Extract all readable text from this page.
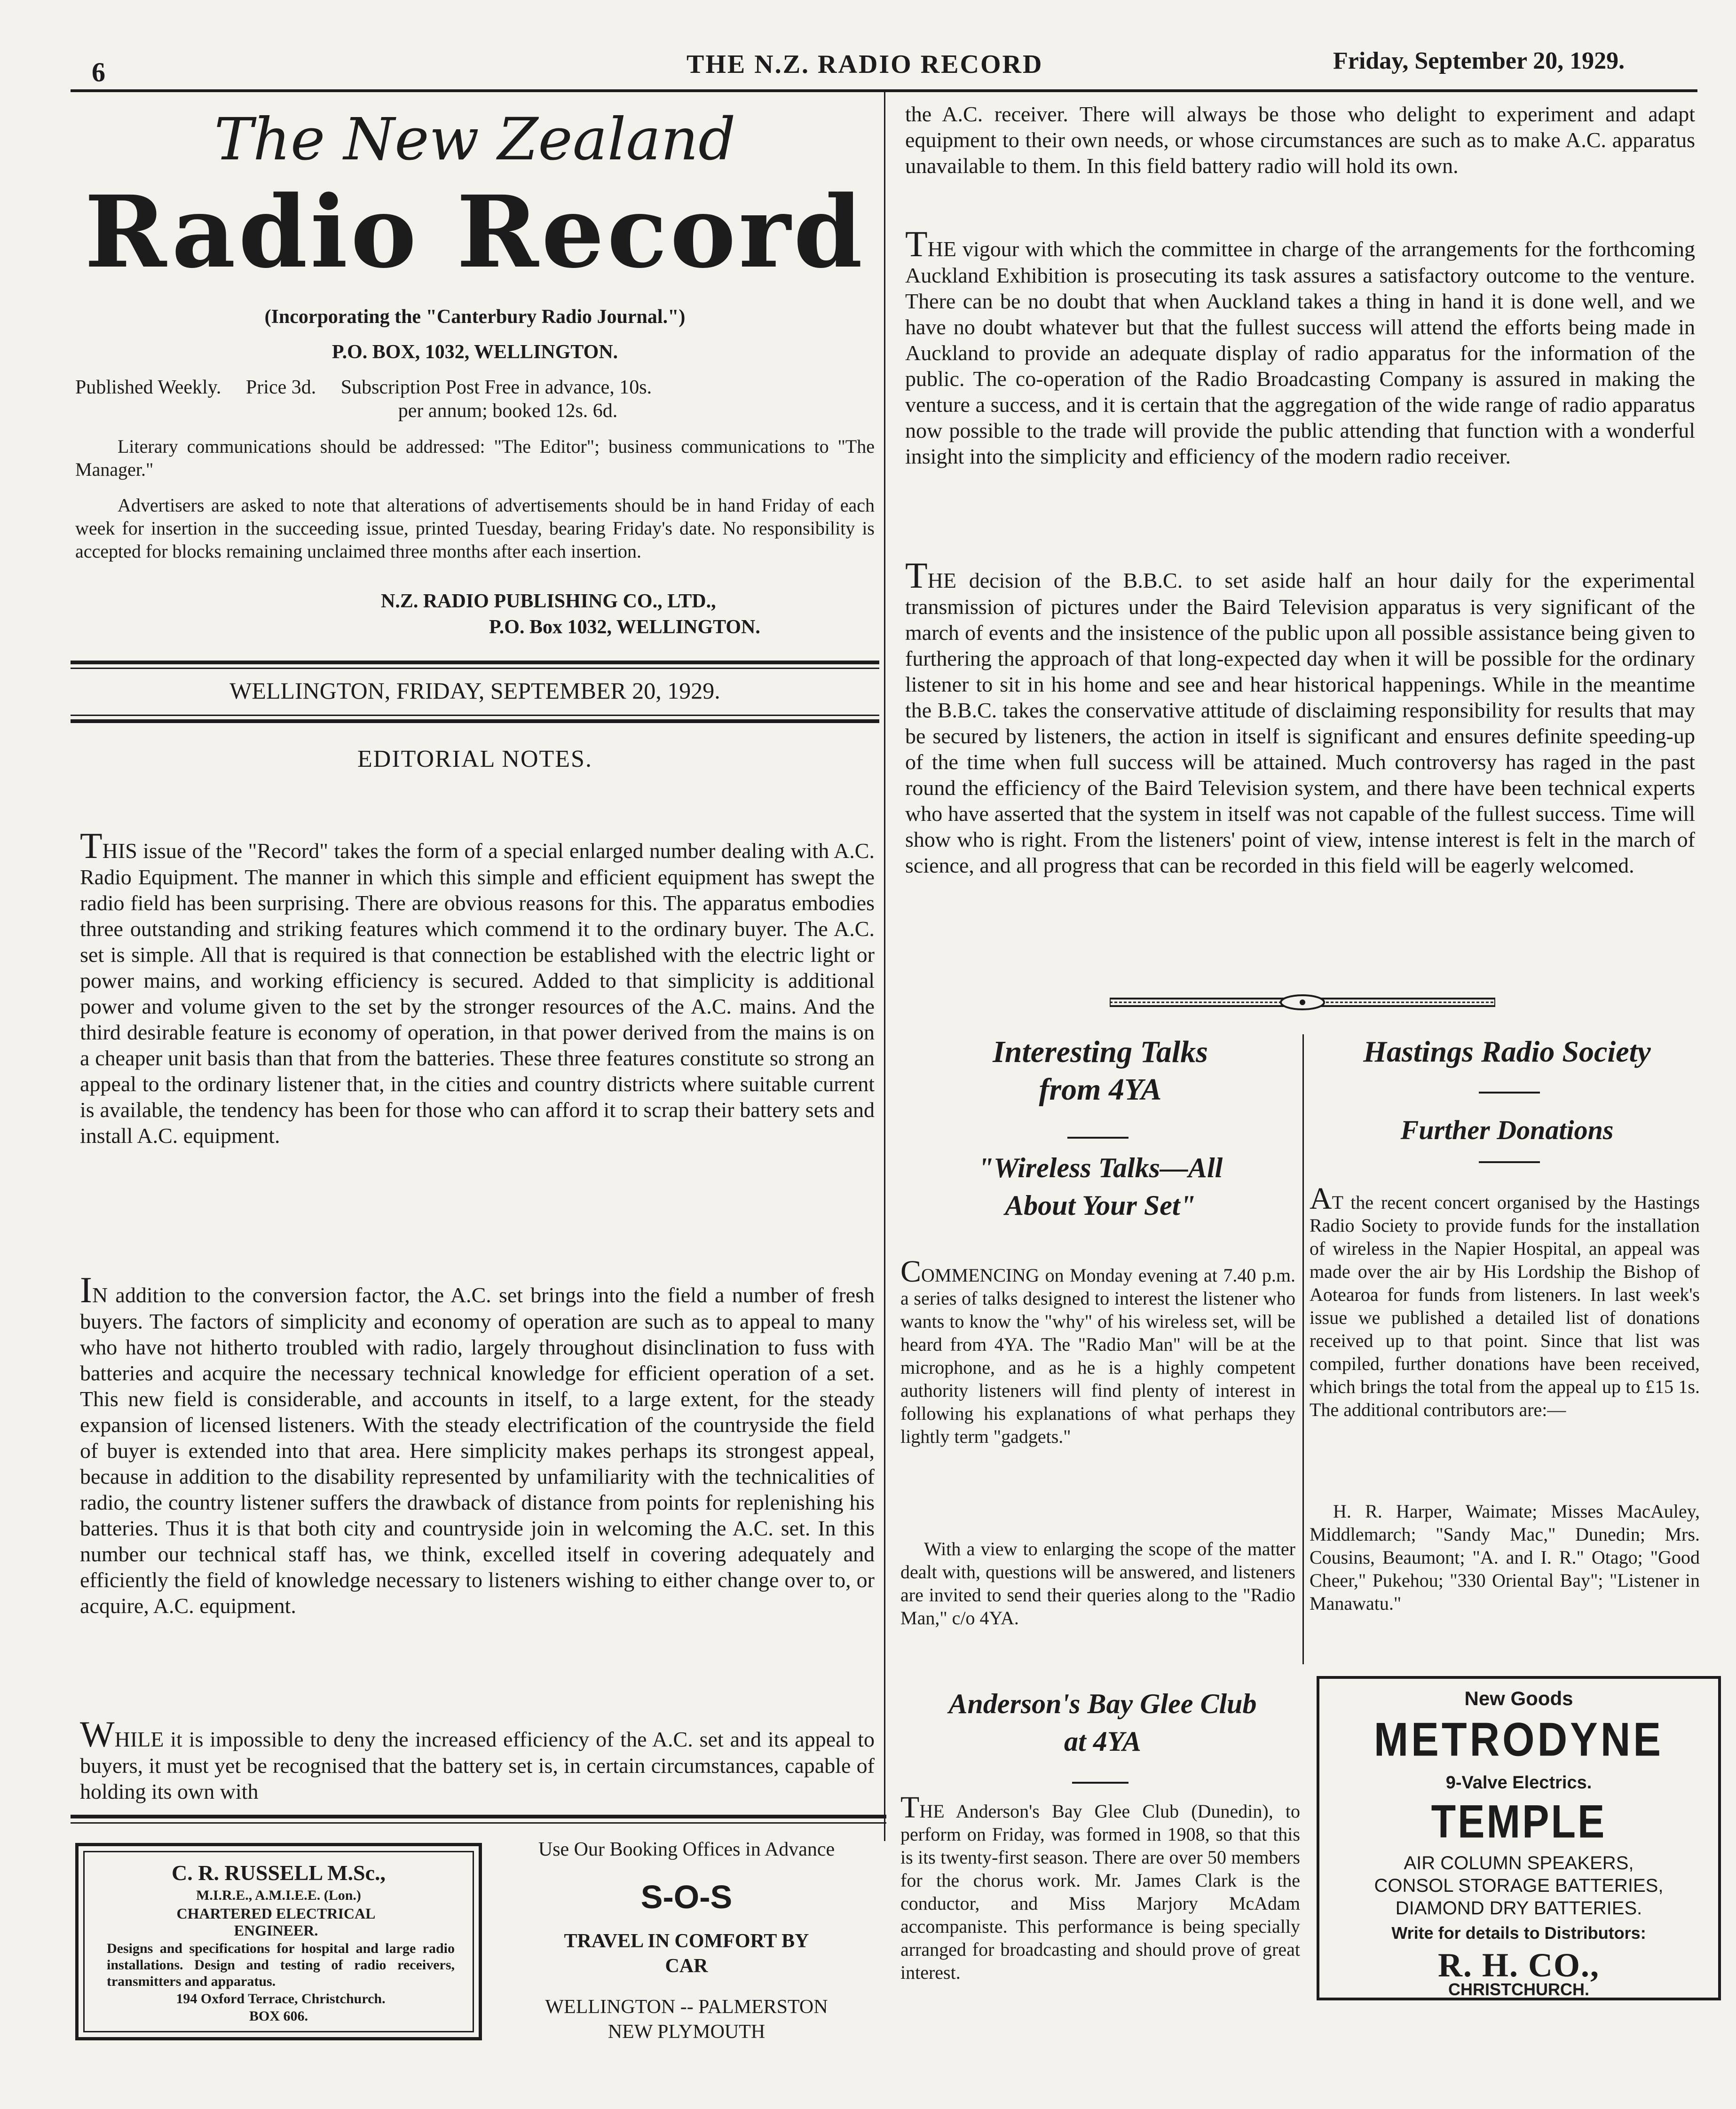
6	THE N.Z. RADIO RECORD	Friday, September 20, 1929.
The New Zealand
Radio Record
(Incorporating the "Canterbury Radio Journal.")
P.O. BOX, 1032, WELLINGTON.
Published Weekly.     Price 3d.     Subscription Post Free in advance, 10s.
per annum; booked 12s. 6d.

Literary communications should be addressed: "The Editor"; business communications to "The Manager."

Advertisers are asked to note that alterations of advertisements should be in hand Friday of each week for insertion in the succeeding issue, printed Tuesday, bearing Friday's date. No responsibility is accepted for blocks remaining unclaimed three months after each insertion.

N.Z. RADIO PUBLISHING CO., LTD.,
P.O. Box 1032, WELLINGTON.
WELLINGTON, FRIDAY, SEPTEMBER 20, 1929.
EDITORIAL NOTES.

THIS issue of the "Record" takes the form of a special enlarged number dealing with A.C. Radio Equipment. The manner in which this simple and efficient equipment has swept the radio field has been surprising. There are obvious reasons for this. The apparatus embodies three outstanding and striking features which commend it to the ordinary buyer. The A.C. set is simple. All that is required is that connection be established with the electric light or power mains, and working efficiency is secured. Added to that simplicity is additional power and volume given to the set by the stronger resources of the A.C. mains. And the third desirable feature is economy of operation, in that power derived from the mains is on a cheaper unit basis than that from the batteries. These three features constitute so strong an appeal to the ordinary listener that, in the cities and country districts where suitable current is available, the tendency has been for those who can afford it to scrap their battery sets and install A.C. equipment.

IN addition to the conversion factor, the A.C. set brings into the field a number of fresh buyers. The factors of simplicity and economy of operation are such as to appeal to many who have not hitherto troubled with radio, largely throughout disinclination to fuss with batteries and acquire the necessary technical knowledge for efficient operation of a set. This new field is considerable, and accounts in itself, to a large extent, for the steady expansion of licensed listeners. With the steady electrification of the countryside the field of buyer is extended into that area. Here simplicity makes perhaps its strongest appeal, because in addition to the disability represented by unfamiliarity with the technicalities of radio, the country listener suffers the drawback of distance from points for replenishing his batteries. Thus it is that both city and countryside join in welcoming the A.C. set. In this number our technical staff has, we think, excelled itself in covering adequately and efficiently the field of knowledge necessary to listeners wishing to either change over to, or acquire, A.C. equipment.

WHILE it is impossible to deny the increased efficiency of the A.C. set and its appeal to buyers, it must yet be recognised that the battery set is, in certain circumstances, capable of holding its own with

the A.C. receiver. There will always be those who delight to experiment and adapt equipment to their own needs, or whose circumstances are such as to make A.C. apparatus unavailable to them. In this field battery radio will hold its own.

THE vigour with which the committee in charge of the arrangements for the forthcoming Auckland Exhibition is prosecuting its task assures a satisfactory outcome to the venture. There can be no doubt that when Auckland takes a thing in hand it is done well, and we have no doubt whatever but that the fullest success will attend the efforts being made in Auckland to provide an adequate display of radio apparatus for the information of the public. The co-operation of the Radio Broadcasting Company is assured in making the venture a success, and it is certain that the aggregation of the wide range of radio apparatus now possible to the trade will provide the public attending that function with a wonderful insight into the simplicity and efficiency of the modern radio receiver.

THE decision of the B.B.C. to set aside half an hour daily for the experimental transmission of pictures under the Baird Television apparatus is very significant of the march of events and the insistence of the public upon all possible assistance being given to furthering the approach of that long-expected day when it will be possible for the ordinary listener to sit in his home and see and hear historical happenings. While in the meantime the B.B.C. takes the conservative attitude of disclaiming responsibility for results that may be secured by listeners, the action in itself is significant and ensures definite speeding-up of the time when full success will be attained. Much controversy has raged in the past round the efficiency of the Baird Television system, and there have been technical experts who have asserted that the system in itself was not capable of the fullest success. Time will show who is right. From the listeners' point of view, intense interest is felt in the march of science, and all progress that can be recorded in this field will be eagerly welcomed.

Interesting Talks
from 4YA
"Wireless Talks—All
About Your Set"

COMMENCING on Monday evening at 7.40 p.m. a series of talks designed to interest the listener who wants to know the "why" of his wireless set, will be heard from 4YA. The "Radio Man" will be at the microphone, and as he is a highly competent authority listeners will find plenty of interest in following his explanations of what perhaps they lightly term "gadgets."

With a view to enlarging the scope of the matter dealt with, questions will be answered, and listeners are invited to send their queries along to the "Radio Man," c/o 4YA.

Hastings Radio Society
Further Donations

AT the recent concert organised by the Hastings Radio Society to provide funds for the installation of wireless in the Napier Hospital, an appeal was made over the air by His Lordship the Bishop of Aotearoa for funds from listeners. In last week's issue we published a detailed list of donations received up to that point. Since that list was compiled, further donations have been received, which brings the total from the appeal up to £15 1s. The additional contributors are:—

H. R. Harper, Waimate; Misses MacAuley, Middlemarch; "Sandy Mac," Dunedin; Mrs. Cousins, Beaumont; "A. and I. R." Otago; "Good Cheer," Pukehou; "330 Oriental Bay"; "Listener in Manawatu."

Anderson's Bay Glee Club
at 4YA

THE Anderson's Bay Glee Club (Dunedin), to perform on Friday, was formed in 1908, so that this is its twenty-first season. There are over 50 members for the chorus work. Mr. James Clark is the conductor, and Miss Marjory McAdam accompaniste. This performance is being specially arranged for broadcasting and should prove of great interest.

C. R. RUSSELL M.Sc.,
M.I.R.E., A.M.I.E.E. (Lon.)
CHARTERED ELECTRICAL ENGINEER.
Designs and specifications for hospital and large radio installations. Design and testing of radio receivers, transmitters and apparatus.
194 Oxford Terrace, Christchurch.
BOX 606.
Use Our Booking Offices in Advance
S-O-S
TRAVEL IN COMFORT BY
CAR
WELLINGTON -- PALMERSTON
NEW PLYMOUTH
New Goods
METRODYNE
9-Valve Electrics.
TEMPLE
AIR COLUMN SPEAKERS,
CONSOL STORAGE BATTERIES,
DIAMOND DRY BATTERIES.
Write for details to Distributors:
R. H. CO.,
CHRISTCHURCH.
